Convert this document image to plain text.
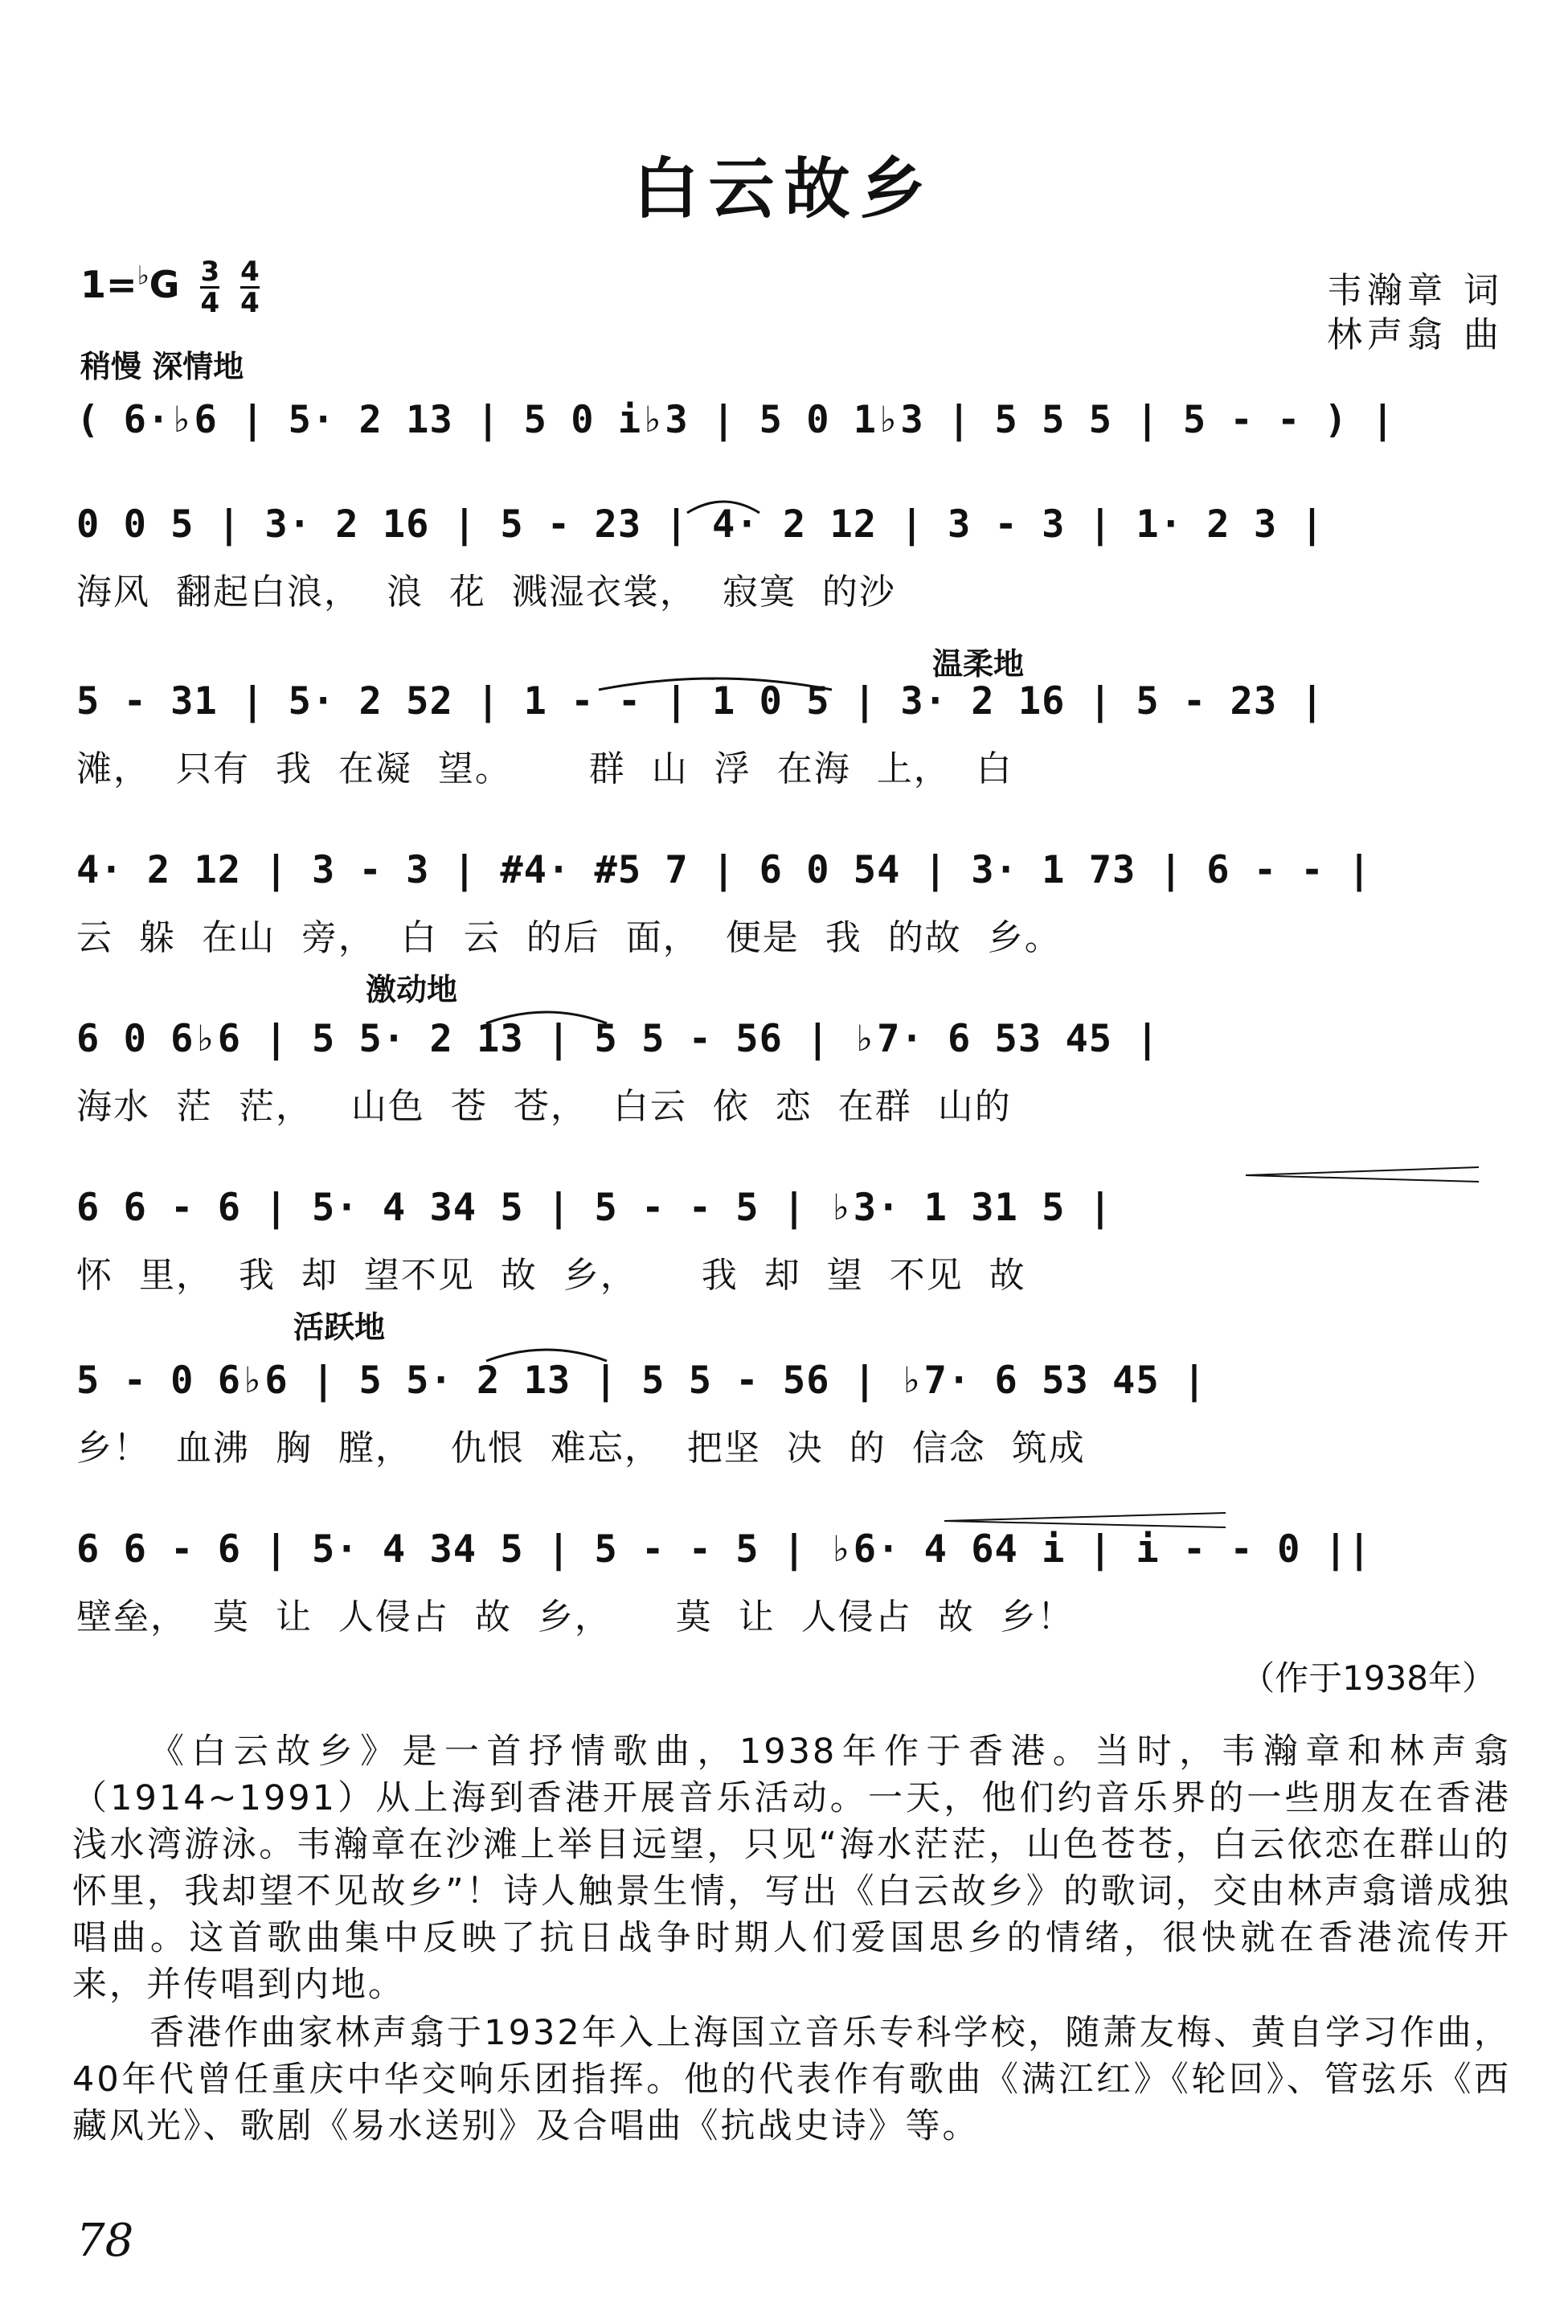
白云故乡
$1=^♭G \frac{3}{4}$
$\frac{4}{4}$	韦瀚章 词
林声翕 曲
稍慢 深情地
温柔地
激动地
活跃地
( 6·♭6 | 5· 2 13 | 5 0 i♭3 | 5 0 1♭3 | 5 5 5 | 5 - - ) |
0 0 5 | 3· 2 16 | 5 - 23 | 4· 2 12 | 3 - 3 | 1· 2 3 |
海风  翻起白浪，  浪  花  溅湿衣裳，  寂寞  的沙
5 - 31 | 5· 2 52 | 1 - - | 1 0 5 | 3· 2 16 | 5 - 23 |
滩，  只有  我  在凝  望。      群  山  浮  在海  上，  白
4· 2 12 | 3 - 3 | #4· #5 7 | 6 0 54 | 3· 1 73 | 6 - - |
云  躲  在山  旁，  白  云  的后  面，  便是  我  的故  乡。
6 0 6♭6 | 5 5· 2 13 | 5 5 - 56 | ♭7· 6 53 45 |
海水  茫  茫，   山色  苍  苍，  白云  依  恋  在群  山的
6 6 - 6 | 5· 4 34 5 | 5 - - 5 | ♭3· 1 31 5 |
怀  里，  我  却  望不见  故  乡，     我  却  望  不见  故
5 - 0 6♭6 | 5 5· 2 13 | 5 5 - 56 | ♭7· 6 53 45 |
乡！  血沸  胸  膛，   仇恨  难忘，  把坚  决  的  信念  筑成
6 6 - 6 | 5· 4 34 5 | 5 - - 5 | ♭6· 4 64 i | i - - 0 ||
壁垒，  莫  让  人侵占  故  乡，     莫  让  人侵占  故  乡！
（作于1938年）
《白云故乡》是一首抒情歌曲，1938年作于香港。当时，韦瀚章和林声翕（1914~1991）从上海到香港开展音乐活动。一天，他们约音乐界的一些朋友在香港浅水湾游泳。韦瀚章在沙滩上举目远望，只见“海水茫茫，山色苍苍，白云依恋在群山的怀里，我却望不见故乡”！诗人触景生情，写出《白云故乡》的歌词，交由林声翕谱成独唱曲。这首歌曲集中反映了抗日战争时期人们爱国思乡的情绪，很快就在香港流传开来，并传唱到内地。
香港作曲家林声翕于1932年入上海国立音乐专科学校，随萧友梅、黄自学习作曲，40年代曾任重庆中华交响乐团指挥。他的代表作有歌曲《满江红》《轮回》、管弦乐《西藏风光》、歌剧《易水送别》及合唱曲《抗战史诗》等。
78
